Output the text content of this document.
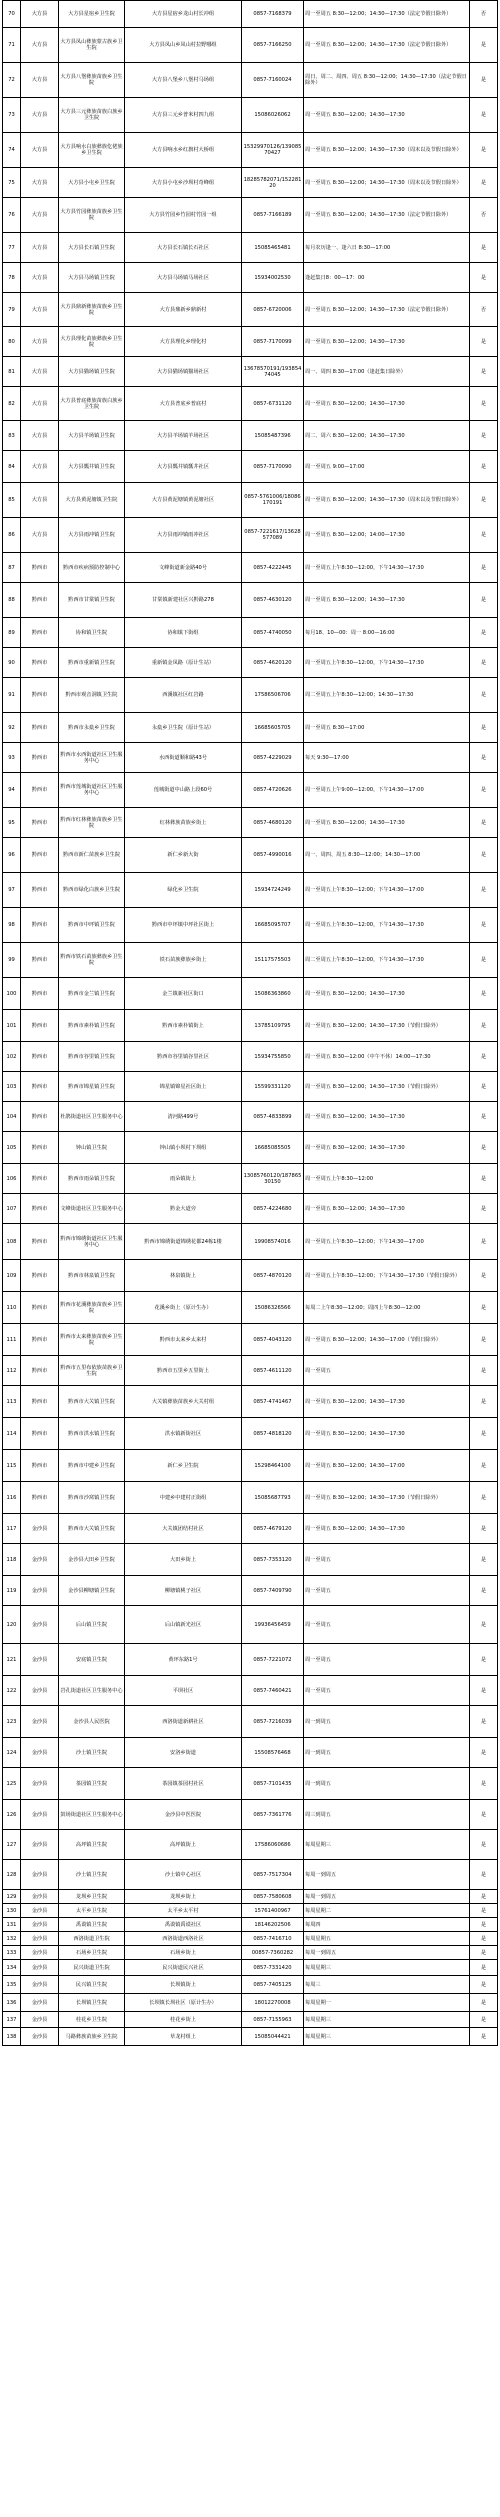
70	大方县	大方县星宿乡卫生院	大方县星宿乡龙山村长冲组	0857-7168379	周一至周五 8:30—12:00；14:30—17:30（法定节假日除外）	否
71	大方县	大方县凤山彝族蒙古族乡卫生院	大方县凤山乡凤山村拉野哪组	0857-7166250	周一至周五 8:30—12:00；14:30—17:30（法定节假日除外）	是
72	大方县	大方县八堡彝族苗族乡卫生院	大方县八堡乡八堡村马场组	0857-7160024	周日、周二、周四、周五 8:30—12:00；14:30—17:30（法定节假日除外）	是
73	大方县	大方县三元彝族苗族白族乡卫生院	大方县三元乡普米村四九组	15086026062	周一至周五 8:30—12:00；14:30—17:30	是
74	大方县	大方县响水白族彝族仡佬族乡卫生院	大方县响水乡红旗村大桥组	15329970126/13908570427	周一至周五 8:30—12:00；14:30—17:30（周末以及节假日除外）	是
75	大方县	大方县小屯乡卫生院	大方县小屯乡沙坝村奇峰组	18285782071/15228120	周一至周五 8:30—12:00；14:30—17:30（周末以及节假日除外）	是
76	大方县	大方县竹园彝族苗族乡卫生院	大方县竹园乡竹园村竹园一组	0857-7166189	周一至周五 8:30—12:00；14:30—17:30（法定节假日除外）	否
77	大方县	大方县长石镇卫生院	大方县长石镇长石社区	15085465481	每月农历逢一、逢六日 8:30—17:00	是
78	大方县	大方县马场镇卫生院	大方县马场镇马场社区	15934002530	逢赶集日8：00—17：00	是
79	大方县	大方县鼎新彝族苗族乡卫生院	大方县鼎新乡鼎新村	0857-6720006	周一至周五 8:30—12:00；14:30—17:30（法定节假日除外）	否
80	大方县	大方县理化苗族彝族乡卫生院	大方县理化乡理化村	0857-7170099	周一至周五 8:30—12:00；14:30—17:30	是
81	大方县	大方县猫场镇卫生院	大方县猫场镇猫场社区	13678570191/19385474045	周一、周四 8:30—17:00（逢赶集日除外）	是
82	大方县	大方县普底彝族苗族白族乡卫生院	大方县普底乡普底村	0857-6731120	周一至周五 8:30—12:00；14:30—17:30	是
83	大方县	大方县羊场镇卫生院	大方县羊场镇羊场社区	15085487396	周二、周六 8:30—12:00；14:30—17:30	是
84	大方县	大方县瓢井镇卫生院	大方县瓢井镇瓢井社区	0857-7170090	周一至周五 9:00—17:00	是
85	大方县	大方县黄泥塘镇卫生院	大方县黄泥塘镇黄泥塘社区	0857-5761006/18086170191	周一至周五 8:30—12:00；14:30—17:30（周末以及节假日除外）	是
86	大方县	大方县雨冲镇卫生院	大方县雨冲镇雨冲社区	0857-7221617/13628577089	周一至周五 8:30—12:00；14:00—17:30	是
87	黔西市	黔西市疾病预防控制中心	文峰街道新金路40号	0857-4222445	周一至周五上午8:30—12:00，下午14:30—17:30	是
88	黔西市	黔西市甘棠镇卫生院	甘棠镇新建社区兴黔路278	0857-4630120	周一至周五 8:30—12:00；14:30—17:30	是
89	黔西市	协和镇卫生院	协和镇下街组	0857-4740050	每月18、10—00：周一 8:00—16:00	是
90	黔西市	黔西市重新镇卫生院	重新镇金凤路（原计生站）	0857-4620120	周一至周五上午8:30—12:00，下午14:30—17:30	是
91	黔西市	黔西市观音洞镇卫生院	西溪镇社区红岩路	17586506706	周二至周五上午8:30—12:00；14:30—17:30	是
92	黔西市	黔西市永燊乡卫生院	永燊乡卫生院（原计生站）	16685605705	周一至周五 8:30—17:00	是
93	黔西市	黔西市水西街道社区卫生服务中心	水西街道顺和路43号	0857-4229029	每天 9:30—17:00	是
94	黔西市	黔西市莲城街道社区卫生服务中心	莲城街道中山路上段60号	0857-4720626	周一至周五上午9:00—12:00，下午14:30—17:00	是
95	黔西市	黔西市红林彝族苗族乡卫生院	红林彝族苗族乡街上	0857-4680120	周一至周五 8:30—12:00；14:30—17:30	是
96	黔西市	黔西市新仁苗族乡卫生院	新仁乡新大街	0857-4990016	周一、周四、周五 8:30—12:00；14:30—17:00	是
97	黔西市	黔西市绿化白族乡卫生院	绿化乡卫生院	15934724249	周一至周五上午8:30—12:00；下午14:30—17:00	是
98	黔西市	黔西市中坪镇卫生院	黔西市中坪镇中坪社区街上	16685095707	周一至周五上午8:30—12:00，下午14:30—17:30	是
99	黔西市	黔西市铁石苗族彝族乡卫生院	铁石苗族彝族乡街上	15117575503	周二至周五上午8:30—12:00，下午14:30—17:30	是
100	黔西市	黔西市金兰镇卫生院	金兰镇新社区街口	15086363860	周一至周五 8:30—12:00；14:30—17:30	是
101	黔西市	黔西市素朴镇卫生院	黔西市素朴镇街上	13785109795	周一至周五 8:30—12:00；14:30—17:30（节假日除外）	是
102	黔西市	黔西市谷里镇卫生院	黔西市谷里镇谷里社区	15934755850	周一至周五 8:30—12:00（中午不休）14:00—17:30	是
103	黔西市	黔西市锦星镇卫生院	锦星镇锦星社区街上	15599331120	周一至周五 8:30—12:00；14:30—17:30（节假日除外）	是
104	黔西市	杜鹃街道社区卫生服务中心	清河路499号	0857-4833899	周一至周五 8:30—12:00；14:30—17:30	是
105	黔西市	钟山镇卫生院	钟山镇小坝村下坝组	16685085505	周一至周五 8:30—12:00；14:30—17:30	是
106	黔西市	黔西市雨朵镇卫生院	雨朵镇街上	13085760120/18786530150	周一至周五上午8:30—12:00	是
107	黔西市	文峰街道社区卫生服务中心	黔金大道旁	0857-4224680	周一至周五 8:30—12:00；14:30—17:30	是
108	黔西市	黔西市锦绣街道社区卫生服务中心	黔西市锦绣街道锦绣花都24栋1楼	19908574016	周一至周五上午8:30—12:00；下午14:30—17:00	是
109	黔西市	黔西市林泉镇卫生院	林泉镇街上	0857-4870120	周一至周五上午8:30—12:00；下午14:30—17:30（节假日除外）	是
110	黔西市	黔西市花溪彝族苗族乡卫生院	花溪乡街上（原计生办）	15086326566	每周二上午8:30—12:00；周四上午8:30—12:00	是
111	黔西市	黔西市太来彝族苗族乡卫生院	黔西市太来乡太来村	0857-4043120	周一至周五 8:30—12:00；14:30—17:00（节假日除外）	是
112	黔西市	黔西市五里布依族苗族乡卫生院	黔西市五里乡五里街上	0857-4611120	周一至周五	是
113	黔西市	黔西市大关镇卫生院	大关镇彝族苗族乡大关村组	0857-4741467	周一至周五 8:30—12:00；14:30—17:30	是
114	黔西市	黔西市洪水镇卫生院	洪水镇新街社区	0857-4818120	周一至周五 8:30—12:00；14:30—17:30	是
115	黔西市	黔西市中建乡卫生院	新仁乡卫生院	15298464100	周一至周五 8:30—12:00；14:30—17:00	是
116	黔西市	黔西市沙窝镇卫生院	中建乡中建村正街组	15085687793	周一至周五 8:30—12:00；14:30—17:30（节假日除外）	是
117	金沙县	黔西市大关镇卫生院	大关镇团结村社区	0857-4679120	周一至周五 8:30—12:00；14:30—17:30	是
118	金沙县	金沙县大田乡卫生院	大田乡街上	0857-7353120	周一至周五	是
119	金沙县	金沙县柳塘镇卫生院	柳塘镇桃子社区	0857-7409790	周一至周五	是
120	金沙县	后山镇卫生院	后山镇新光社区	19936456459	周一至周五	是
121	金沙县	安底镇卫生院	黄坪东路1号	0857-7221072	周一至周五	是
122	金沙县	岩孔街道社区卫生服务中心	平坝社区	0857-7460421	周一至周五	是
123	金沙县	金沙县人民医院	西洛街道新耕社区	0857-7216039	周一到周五	是
124	金沙县	沙土镇卫生院	安洛乡街道	15508576468	周一到周五	是
125	金沙县	茶园镇卫生院	茶园镇茶园村社区	0857-7101435	周一到周五	是
126	金沙县	鼓场街道社区卫生服务中心	金沙县中医医院	0857-7361776	周三到周五	是
127	金沙县	高坪镇卫生院	高坪镇街上	17586060686	每周星期三	是
128	金沙县	沙土镇卫生院	沙土镇中心社区	0857-7517304	每周一到周五	是
129	金沙县	龙坝乡卫生院	龙坝乡街上	0857-7580608	每周一到周五	是
130	金沙县	太平乡卫生院	太平乡太平村	15761400967	每周星期二	是
131	金沙县	禹谟镇卫生院	禹谟镇禹谟社区	18146202506	每周四	是
132	金沙县	西洛街道卫生院	西洛街道西洛社区	0857-7416710	每周星期五	是
133	金沙县	石场乡卫生院	石场乡街上	00857-7360282	每周一到周五	是
134	金沙县	民兴街道卫生院	民兴街道民兴社区	0857-7331420	每周星期三	是
135	金沙县	民兴镇卫生院	长坝镇街上	0857-7405125	每周三	是
136	金沙县	长坝镇卫生院	长坝镇长坝社区（原计生办）	18012270008	每周星期一	是
137	金沙县	桂花乡卫生院	桂花乡街上	0857-7155963	每周星期三	是
138	金沙县	马路彝族苗族乡卫生院	草龙村组上	15085044421	每周星期三	是
